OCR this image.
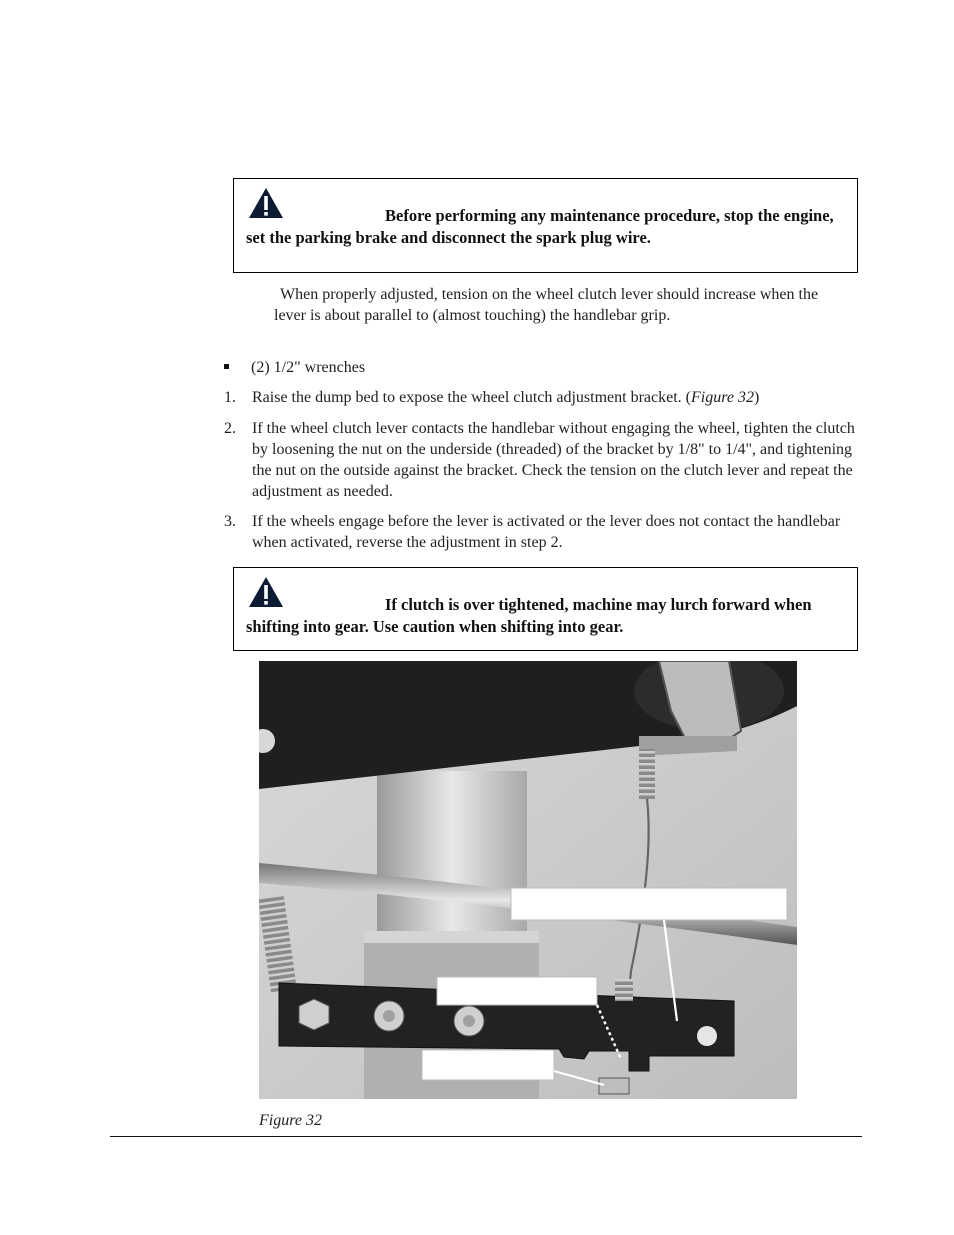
Before performing any maintenance procedure, stop the engine, set the parking brake and disconnect the spark plug wire.
When properly adjusted, tension on the wheel clutch lever should increase when the lever is about parallel to (almost touching) the handlebar grip.
(2) 1/2" wrenches
1. Raise the dump bed to expose the wheel clutch adjustment bracket. (Figure 32)
2. If the wheel clutch lever contacts the handlebar without engaging the wheel, tighten the clutch by loosening the nut on the underside (threaded) of the bracket by 1/8" to 1/4", and tightening the nut on the outside against the bracket. Check the tension on the clutch lever and repeat the adjustment as needed.
3. If the wheels engage before the lever is activated or the lever does not contact the handlebar when activated, reverse the adjustment in step 2.
If clutch is over tightened, machine may lurch forward when shifting into gear. Use caution when shifting into gear.
Figure 32
